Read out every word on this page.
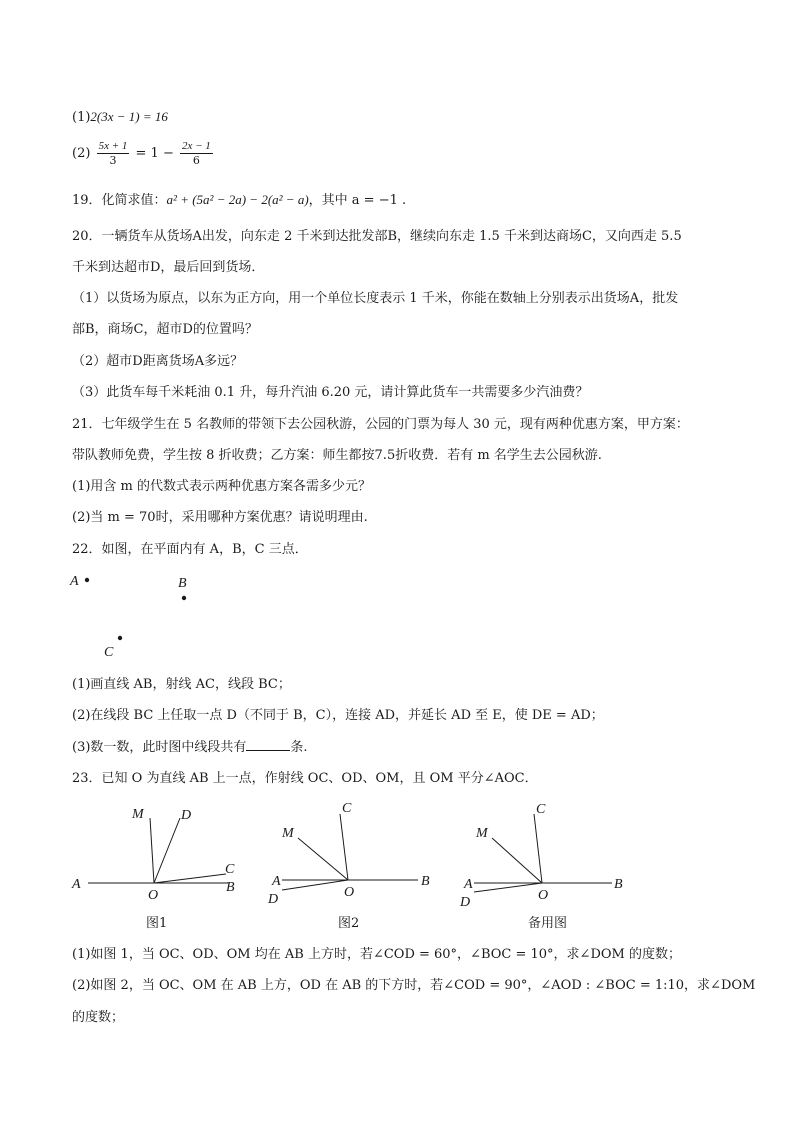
(1)2(3x − 1) = 16
$(2) \frac{5x + 1}{3} = 1 - \frac{2x - 1}{6}$
19．化简求值：a² + (5a² − 2a) − 2(a² − a)，其中 a = −1 .
20．一辆货车从货场A出发，向东走 2 千米到达批发部B，继续向东走 1.5 千米到达商场C，又向西走 5.5
千米到达超市D，最后回到货场．
（1）以货场为原点，以东为正方向，用一个单位长度表示 1 千米，你能在数轴上分别表示出货场A，批发
部B，商场C，超市D的位置吗？
（2）超市D距离货场A多远？
（3）此货车每千米耗油 0.1 升，每升汽油 6.20 元，请计算此货车一共需要多少汽油费？
21．七年级学生在 5 名教师的带领下去公园秋游，公园的门票为每人 30 元，现有两种优惠方案，甲方案：
带队教师免费，学生按 8 折收费；乙方案：师生都按7.5折收费．若有 m 名学生去公园秋游.
(1)用含 m 的代数式表示两种优惠方案各需多少元？
(2)当 m = 70时，采用哪种方案优惠？请说明理由.
22．如图，在平面内有 A，B，C 三点．
A	B
C
(1)画直线 AB，射线 AC，线段 BC；
(2)在线段 BC 上任取一点 D（不同于 B，C），连接 AD，并延长 AD 至 E，使 DE = AD；
(3)数一数，此时图中线段共有	条.
23．已知 O 为直线 AB 上一点，作射线 OC、OD、OM，且 OM 平分∠AOC．
A	B
C
D
M
O
图1
A	B
C
D
M
O
图2
A	B
C
D
M
O
备用图
(1)如图 1，当 OC、OD、OM 均在 AB 上方时，若∠COD = 60°，∠BOC = 10°，求∠DOM 的度数；
(2)如图 2，当 OC、OM 在 AB 上方，OD 在 AB 的下方时，若∠COD = 90°，∠AOD : ∠BOC = 1:10，求∠DOM
的度数；
